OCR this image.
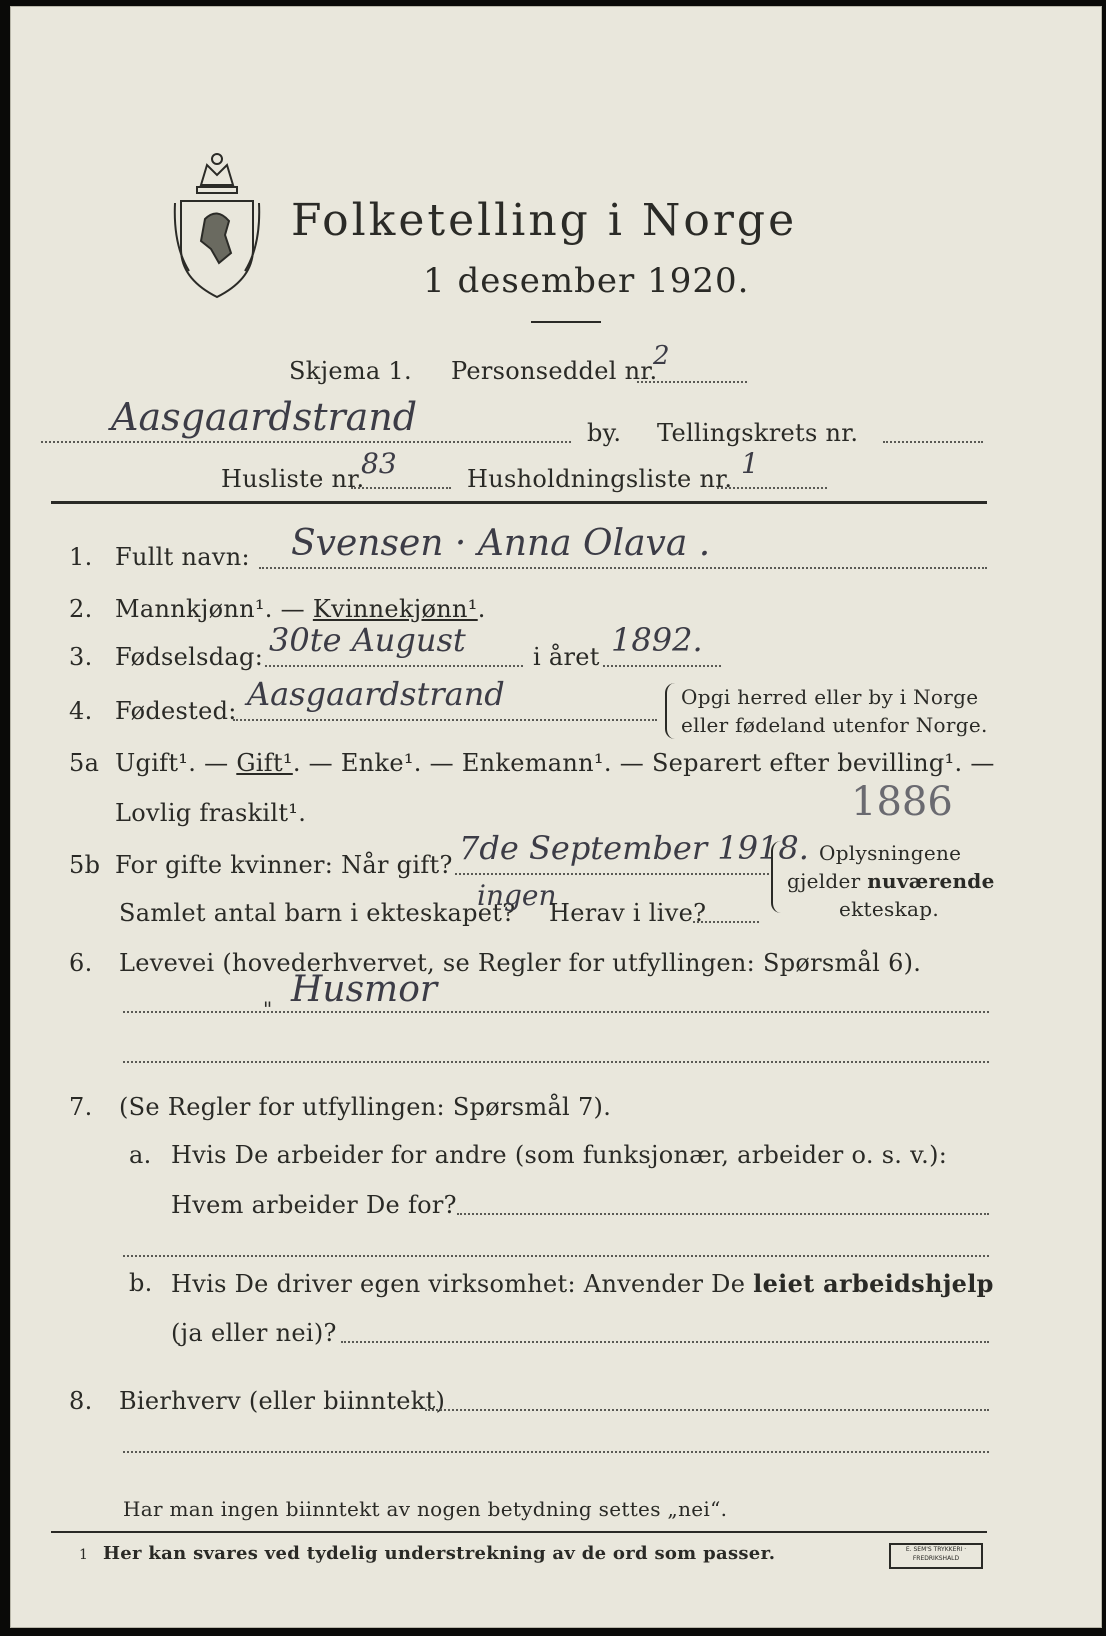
Folketelling i Norge
1 desember 1920.
Skjema 1. Personseddel nr.
2
Aasgaardstrand	by. Tellingskrets nr.
Husliste nr.
83	Husholdningsliste nr. 1
1. Fullt navn: Svensen · Anna Olava .
2. Mannkjønn¹. — Kvinnekjønn¹.
3. Fødselsdag: 30te August	i året 1892.
4. Fødested: Aasgaardstrand	Opgi herred eller by i Norge
eller fødeland utenfor Norge.
5a Ugift¹. — Gift¹. — Enke¹. — Enkemann¹. — Separert efter bevilling¹. —
Lovlig fraskilt¹.	1886
5b For gifte kvinner: Når gift? 7de September 1918.
Samlet antal barn i ekteskapet?
ingen
Herav i live?
Oplysningene
gjelder nuværende
ekteskap.
6. Levevei (hovederhvervet, se Regler for utfyllingen: Spørsmål 6).
" Husmor
7. (Se Regler for utfyllingen: Spørsmål 7).
a. Hvis De arbeider for andre (som funksjonær, arbeider o. s. v.):
Hvem arbeider De for?
b. Hvis De driver egen virksomhet: Anvender De leiet arbeidshjelp
(ja eller nei)?
8. Bierhverv (eller biinntekt)
Har man ingen biinntekt av nogen betydning settes „nei“.
1 Her kan svares ved tydelig understrekning av de ord som passer.	E. SEM'S TRYKKERI · FREDRIKSHALD
